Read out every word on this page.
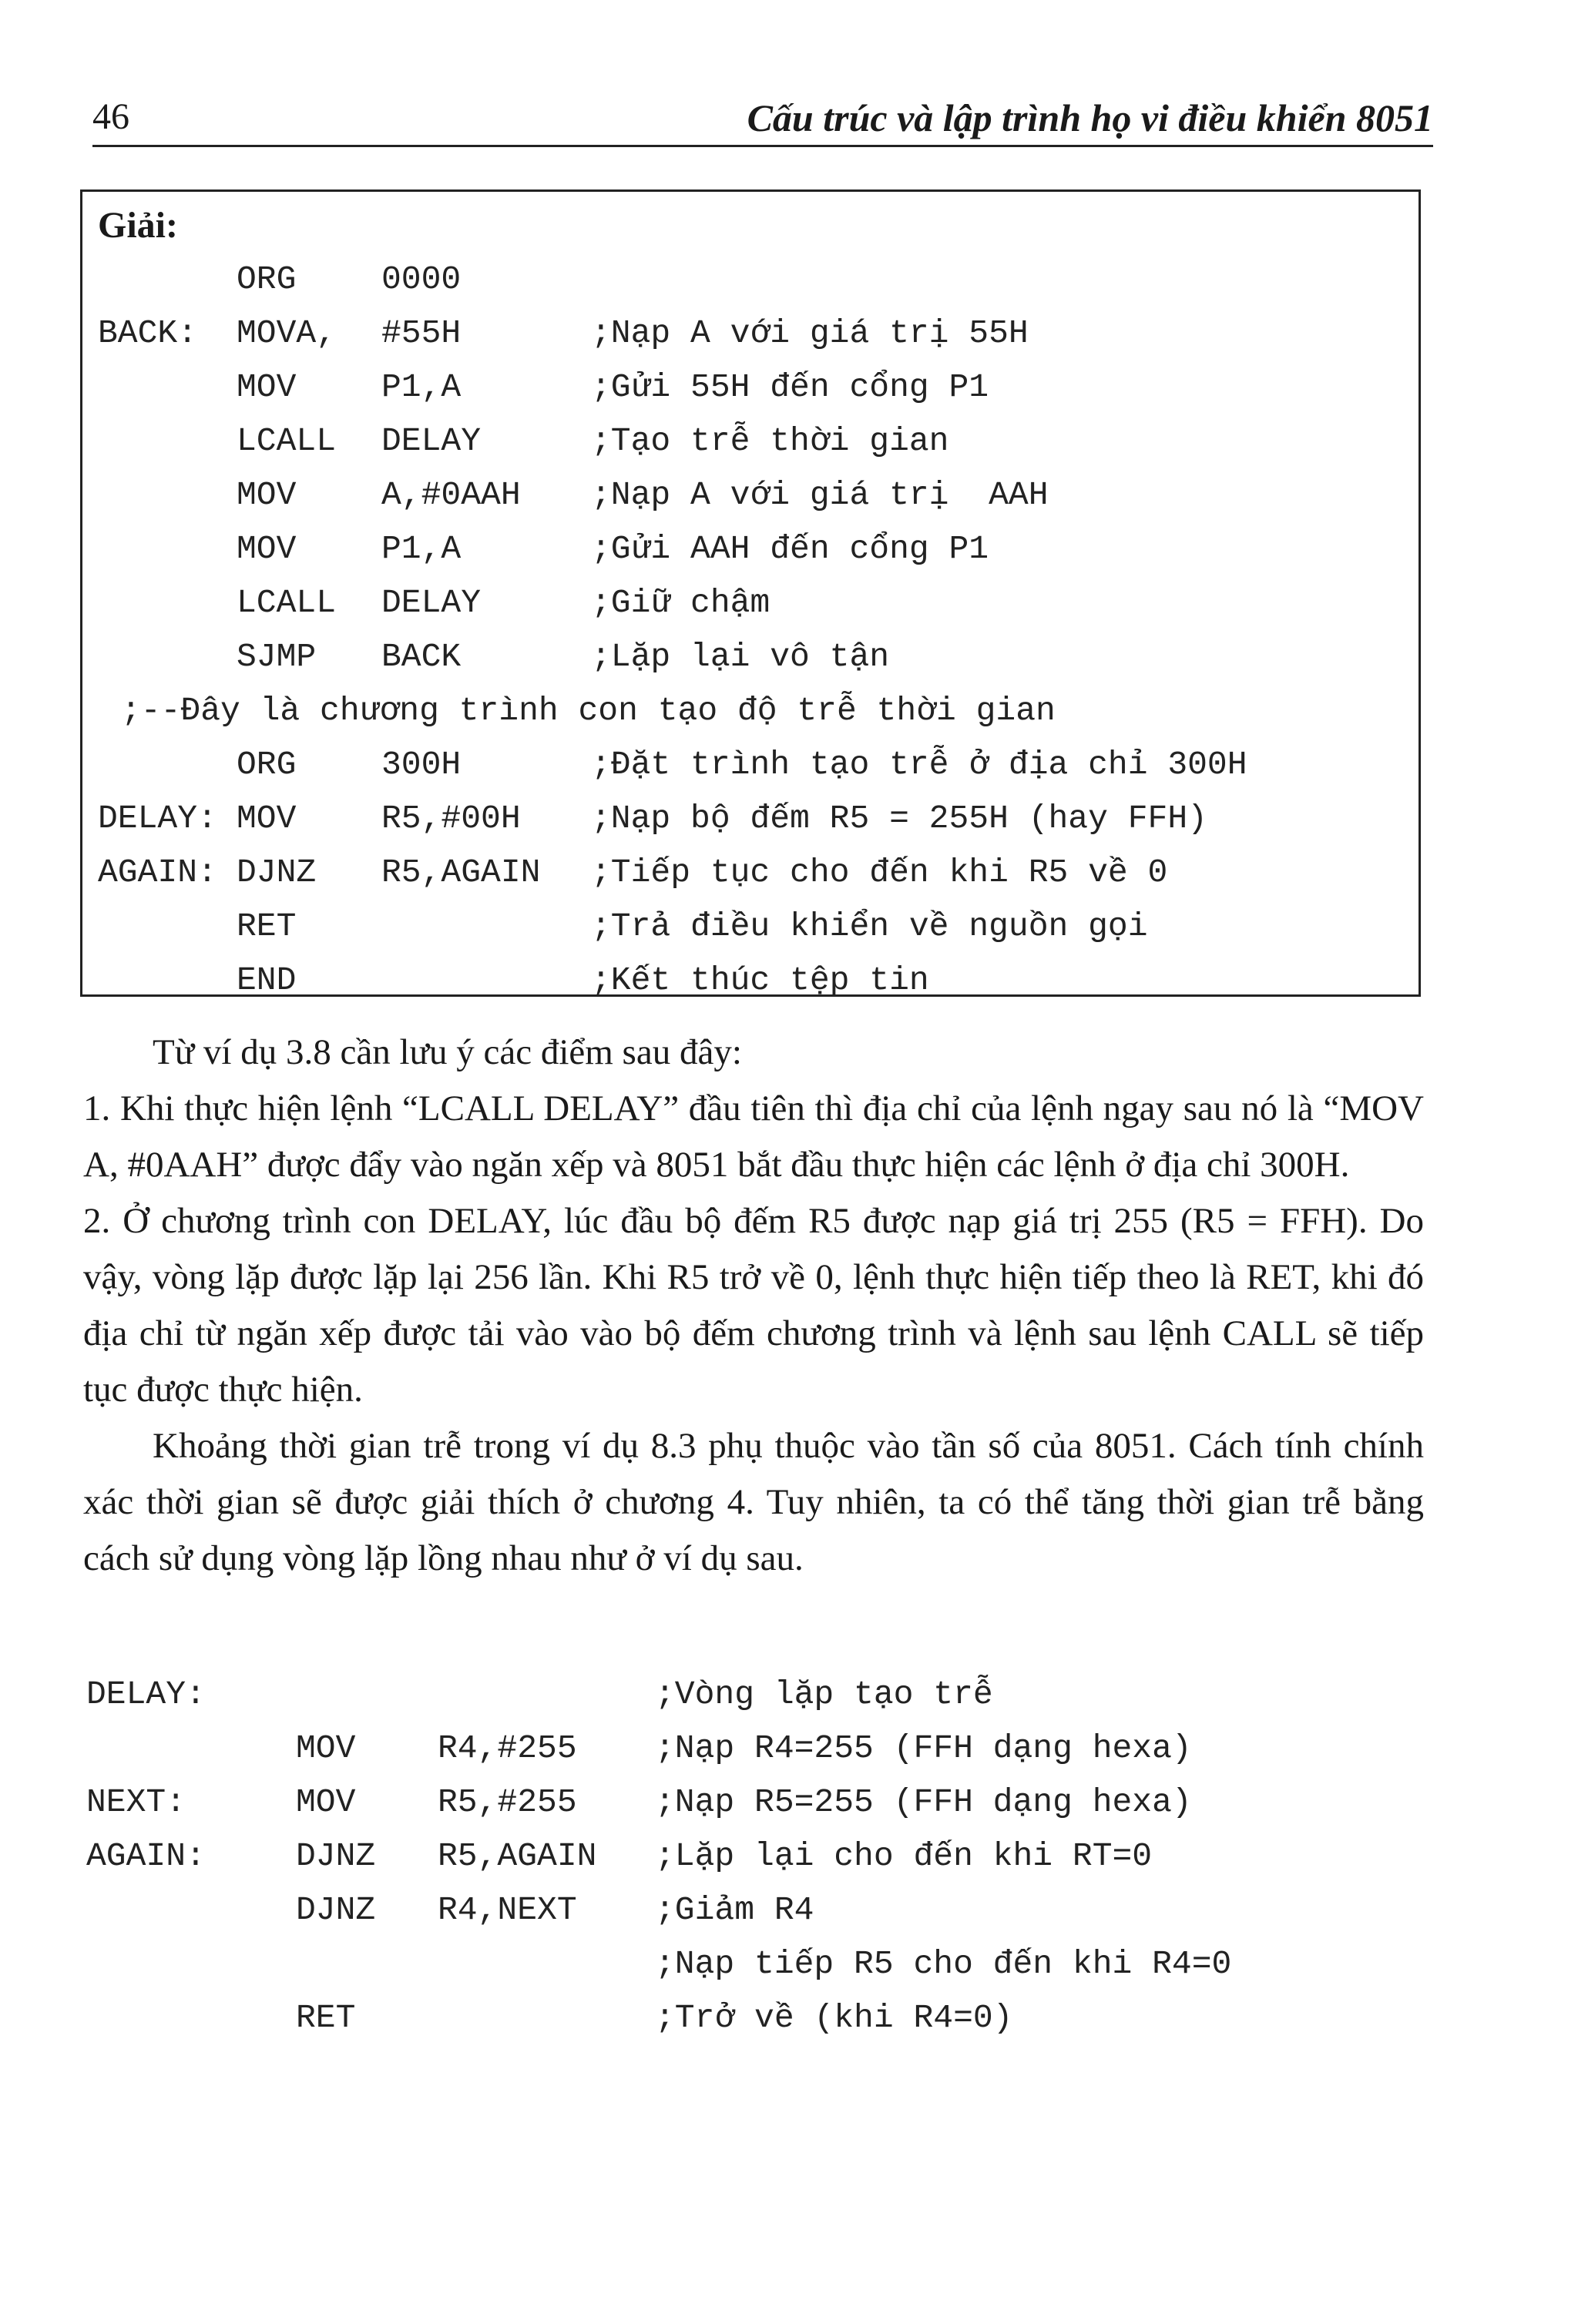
46	Cấu trúc và lập trình họ vi điều khiển 8051
Giải:
ORG	0000
BACK: MOVA, #55H	;Nạp A với giá trị 55H
MOV	P1,A	;Gửi 55H đến cổng P1
LCALL DELAY	;Tạo trễ thời gian
MOV	A,#0AAH ;Nạp A với giá trị  AAH
MOV	P1,A	;Gửi AAH đến cổng P1
LCALL DELAY	;Giữ chậm
SJMP BACK	;Lặp lại vô tận
;--Đây là chương trình con tạo độ trễ thời gian
ORG	300H	;Đặt trình tạo trễ ở địa chỉ 300H
DELAY: MOV	R5,#00H ;Nạp bộ đếm R5 = 255H (hay FFH)
AGAIN: DJNZ R5,AGAIN ;Tiếp tục cho đến khi R5 về 0
RET	;Trả điều khiển về nguồn gọi
END	;Kết thúc tệp tin

Từ ví dụ 3.8 cần lưu ý các điểm sau đây:

1. Khi thực hiện lệnh “LCALL DELAY” đầu tiên thì địa chỉ của lệnh ngay sau nó là “MOV A, #0AAH” được đẩy vào ngăn xếp và 8051 bắt đầu thực hiện các lệnh ở địa chỉ 300H.

2. Ở chương trình con DELAY, lúc đầu bộ đếm R5 được nạp giá trị 255 (R5 = FFH). Do vậy, vòng lặp được lặp lại 256 lần. Khi R5 trở về 0, lệnh thực hiện tiếp theo là RET, khi đó địa chỉ từ ngăn xếp được tải vào vào bộ đếm chương trình và lệnh sau lệnh CALL sẽ tiếp tục được thực hiện.

Khoảng thời gian trễ trong ví dụ 8.3 phụ thuộc vào tần số của 8051. Cách tính chính xác thời gian sẽ được giải thích ở chương 4. Tuy nhiên, ta có thể tăng thời gian trễ bằng cách sử dụng vòng lặp lồng nhau như ở ví dụ sau.

DELAY:	;Vòng lặp tạo trễ
MOV R4,#255 ;Nạp R4=255 (FFH dạng hexa)
NEXT:	MOV R5,#255 ;Nạp R5=255 (FFH dạng hexa)
AGAIN:	DJNZ R5,AGAIN ;Lặp lại cho đến khi RT=0
DJNZ R4,NEXT ;Giảm R4
;Nạp tiếp R5 cho đến khi R4=0
RET	;Trở về (khi R4=0)
